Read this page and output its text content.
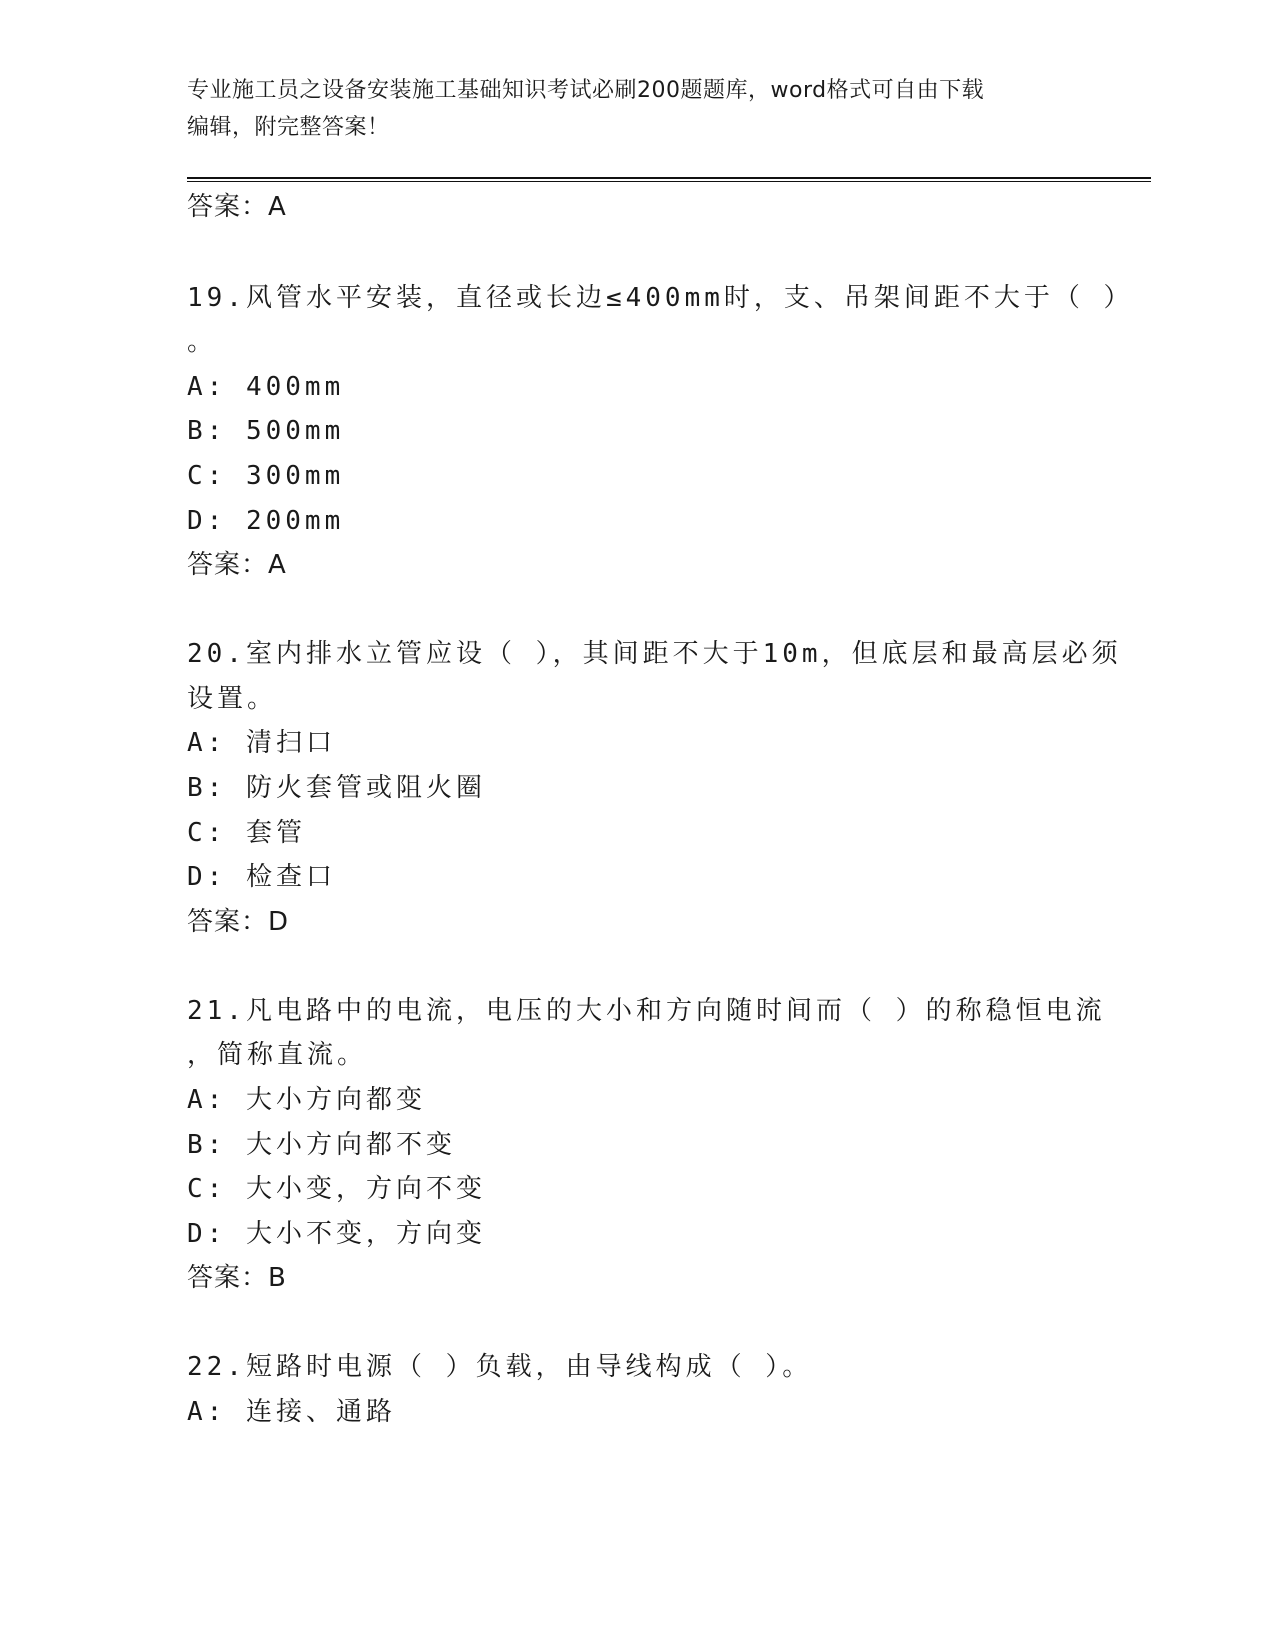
专业施工员之设备安装施工基础知识考试必刷200题题库，word格式可自由下载
编辑，附完整答案！
答案：A
19.风管水平安装，直径或长边≤400mm时，支、吊架间距不大于（ ）
。
A: 400mm
B: 500mm
C: 300mm
D: 200mm
答案：A
20.室内排水立管应设（ ），其间距不大于10m，但底层和最高层必须
设置。
A: 清扫口
B: 防火套管或阻火圈
C: 套管
D: 检查口
答案：D
21.凡电路中的电流，电压的大小和方向随时间而（ ）的称稳恒电流
，简称直流。
A: 大小方向都变
B: 大小方向都不变
C: 大小变，方向不变
D: 大小不变，方向变
答案：B
22.短路时电源（ ）负载，由导线构成（ ）。
A: 连接、通路
